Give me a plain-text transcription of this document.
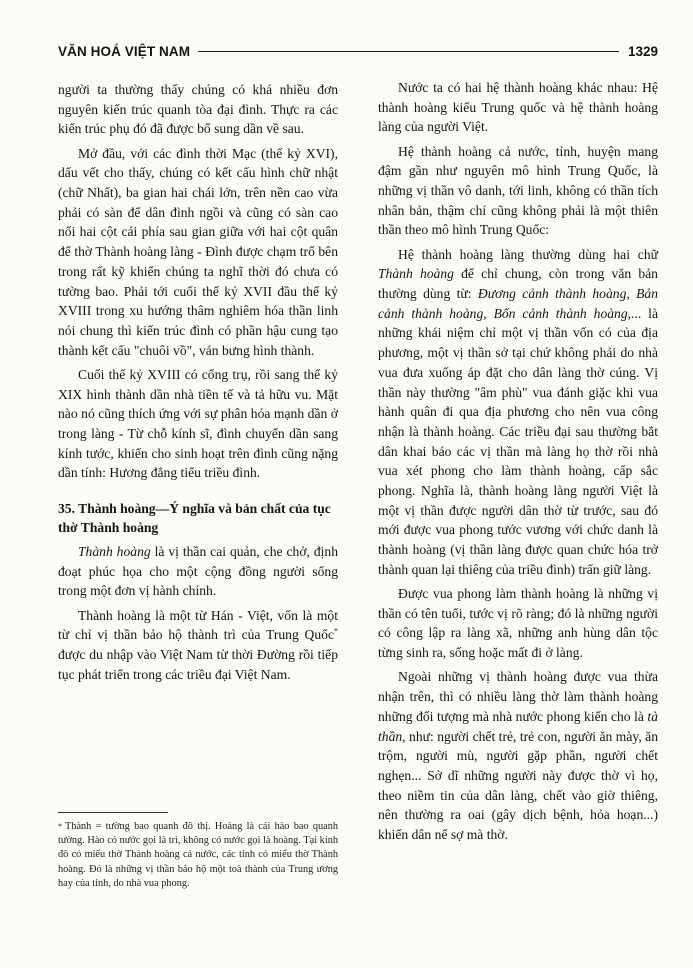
VĂN HOÁ VIỆT NAM	1329

người ta thường thấy chúng có khá nhiều đơn nguyên kiến trúc quanh tòa đại đình. Thực ra các kiến trúc phụ đó đã được bổ sung dần về sau.

Mở đầu, với các đình thời Mạc (thế kỷ XVI), dấu vết cho thấy, chúng có kết cấu hình chữ nhật (chữ Nhất), ba gian hai chái lớn, trên nền cao vừa phải có sàn để dân đình ngồi và cũng có sàn cao nối hai cột cái phía sau gian giữa với hai cột quân để thờ Thành hoàng làng - Đình được chạm trổ bên trong rất kỹ khiến chúng ta nghĩ thời đó chưa có tường bao. Phải tới cuối thế kỷ XVII đầu thế kỷ XVIII trong xu hướng thâm nghiêm hóa thần linh nói chung thì kiến trúc đình có phần hậu cung tạo thành kết cấu "chuôi vồ", ván bưng hình thành.

Cuối thế kỷ XVIII có cổng trụ, rồi sang thế kỷ XIX hình thành dần nhà tiền tế và tả hữu vu. Mặt nào nó cũng thích ứng với sự phân hóa mạnh dần ở trong làng - Từ chỗ kính sĩ, đình chuyển dần sang kính tước, khiến cho sinh hoạt trên đình cũng nặng dần tính: Hương đẳng tiểu triều đình.

35. Thành hoàng—Ý nghĩa và bản chất của tục thờ Thành hoàng

Thành hoàng là vị thần cai quản, che chở, định đoạt phúc họa cho một cộng đồng người sống trong một đơn vị hành chính.

Thành hoàng là một từ Hán - Việt, vốn là một từ chỉ vị thần bảo hộ thành trì của Trung Quốc* được du nhập vào Việt Nam từ thời Đường rồi tiếp tục phát triển trong các triều đại Việt Nam.

Nước ta có hai hệ thành hoàng khác nhau: Hệ thành hoàng kiểu Trung quốc và hệ thành hoàng làng của người Việt.

Hệ thành hoàng cả nước, tỉnh, huyện mang đậm gần như nguyên mô hình Trung Quốc, là những vị thần vô danh, tới linh, không có thần tích nhân bản, thậm chí cũng không phải là một thiên thần theo mô hình Trung Quốc:

Hệ thành hoàng làng thường dùng hai chữ Thành hoàng để chỉ chung, còn trong văn bản thường dùng từ: Đương cảnh thành hoàng, Bản cảnh thành hoàng, Bốn cảnh thành hoàng,... là những khái niệm chỉ một vị thần vốn có của địa phương, một vị thần sở tại chứ không phải do nhà vua đưa xuống áp đặt cho dân làng thờ cúng. Vị thần này thường "âm phù" vua đánh giặc khi vua hành quân đi qua địa phương cho nên vua công nhận là thành hoàng. Các triều đại sau thường bắt dân khai báo các vị thần mà làng họ thờ rồi nhà vua xét phong cho làm thành hoàng, cấp sắc phong. Nghĩa là, thành hoàng làng người Việt là một vị thần được người dân thờ từ trước, sau đó mới được vua phong tước vương với chức danh là thành hoàng (vị thần làng được quan chức hóa trở thành quan lại thiêng của triều đình) trấn giữ làng.

Được vua phong làm thành hoàng là những vị thần có tên tuổi, tước vị rõ ràng; đó là những người có công lập ra làng xã, những anh hùng dân tộc từng sinh ra, sống hoặc mất đi ở làng.

Ngoài những vị thành hoàng được vua thừa nhận trên, thì có nhiều làng thờ làm thành hoàng những đối tượng mà nhà nước phong kiến cho là tà thần, như: người chết trẻ, trẻ con, người ăn mày, ăn trộm, người mù, người gặp phần, người chết nghẹn... Sở dĩ những người này được thờ vì họ, theo niềm tin của dân làng, chết vào giờ thiêng, nên thường ra oai (gây dịch bệnh, hỏa hoạn...) khiến dân nể sợ mà thờ.

* Thành = tường bao quanh đô thị. Hoàng là cái hào bao quanh tường. Hào có nước gọi là trì, không có nước gọi là hoàng. Tại kinh đô có miếu thờ Thành hoàng cả nước, các tỉnh có miếu thờ Thành hoàng. Đó là những vị thần bảo hộ một toà thành của Trung ương hay của tỉnh, do nhà vua phong.
